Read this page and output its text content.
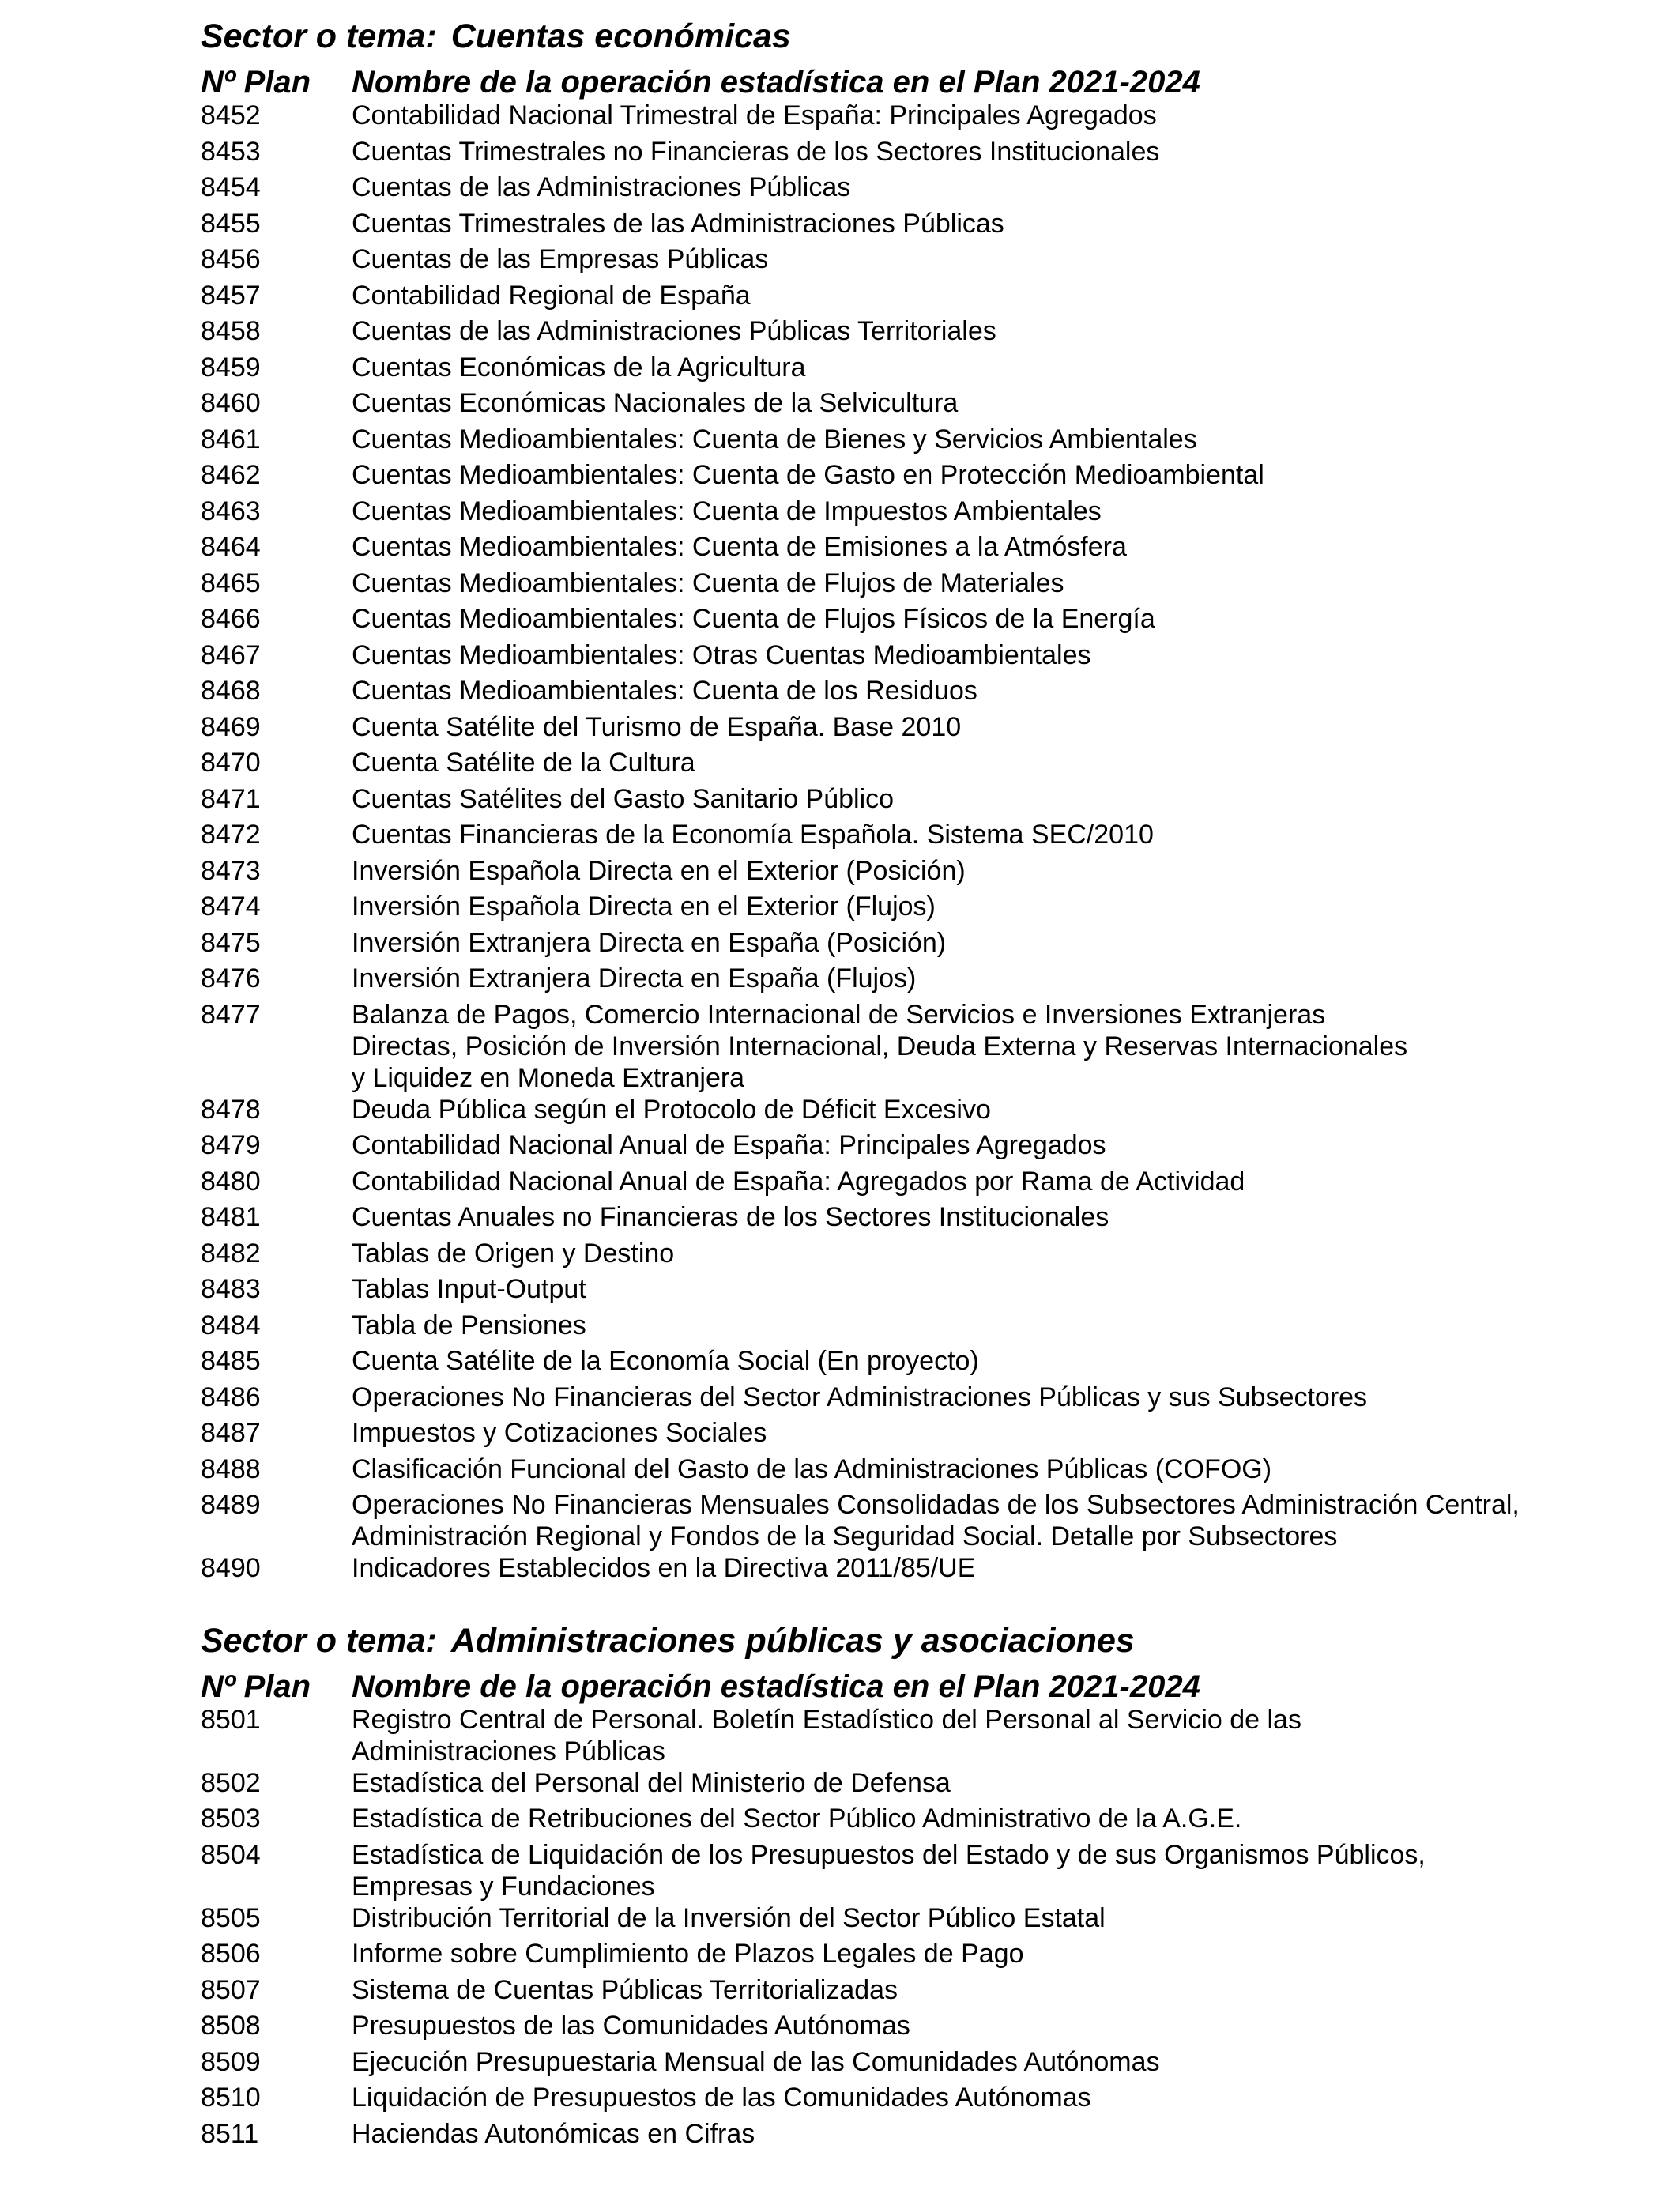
Sector o tema: Cuentas económicas
Nº Plan	Nombre de la operación estadística en el Plan 2021-2024
8452	Contabilidad Nacional Trimestral de España: Principales Agregados
8453	Cuentas Trimestrales no Financieras de los Sectores Institucionales
8454	Cuentas de las Administraciones Públicas
8455	Cuentas Trimestrales de las Administraciones Públicas
8456	Cuentas de las Empresas Públicas
8457	Contabilidad Regional de España
8458	Cuentas de las Administraciones Públicas Territoriales
8459	Cuentas Económicas de la Agricultura
8460	Cuentas Económicas Nacionales de la Selvicultura
8461	Cuentas Medioambientales: Cuenta de Bienes y Servicios Ambientales
8462	Cuentas Medioambientales: Cuenta de Gasto en Protección Medioambiental
8463	Cuentas Medioambientales: Cuenta de Impuestos Ambientales
8464	Cuentas Medioambientales: Cuenta de Emisiones a la Atmósfera
8465	Cuentas Medioambientales: Cuenta de Flujos de Materiales
8466	Cuentas Medioambientales: Cuenta de Flujos Físicos de la Energía
8467	Cuentas Medioambientales: Otras Cuentas Medioambientales
8468	Cuentas Medioambientales: Cuenta de los Residuos
8469	Cuenta Satélite del Turismo de España. Base 2010
8470	Cuenta Satélite de la Cultura
8471	Cuentas Satélites del Gasto Sanitario Público
8472	Cuentas Financieras de la Economía Española. Sistema SEC/2010
8473	Inversión Española Directa en el Exterior (Posición)
8474	Inversión Española Directa en el Exterior (Flujos)
8475	Inversión Extranjera Directa en España (Posición)
8476	Inversión Extranjera Directa en España (Flujos)
8477	Balanza de Pagos, Comercio Internacional de Servicios e Inversiones Extranjeras
Directas, Posición de Inversión Internacional, Deuda Externa y Reservas Internacionales
y Liquidez en Moneda Extranjera
8478	Deuda Pública según el Protocolo de Déficit Excesivo
8479	Contabilidad Nacional Anual de España: Principales Agregados
8480	Contabilidad Nacional Anual de España: Agregados por Rama de Actividad
8481	Cuentas Anuales no Financieras de los Sectores Institucionales
8482	Tablas de Origen y Destino
8483	Tablas Input-Output
8484	Tabla de Pensiones
8485	Cuenta Satélite de la Economía Social (En proyecto)
8486	Operaciones No Financieras del Sector Administraciones Públicas y sus Subsectores
8487	Impuestos y Cotizaciones Sociales
8488	Clasificación Funcional del Gasto de las Administraciones Públicas (COFOG)
8489	Operaciones No Financieras Mensuales Consolidadas de los Subsectores Administración Central,
Administración Regional y Fondos de la Seguridad Social. Detalle por Subsectores
8490	Indicadores Establecidos en la Directiva 2011/85/UE
Sector o tema: Administraciones públicas y asociaciones
Nº Plan	Nombre de la operación estadística en el Plan 2021-2024
8501	Registro Central de Personal. Boletín Estadístico del Personal al Servicio de las
Administraciones Públicas
8502	Estadística del Personal del Ministerio de Defensa
8503	Estadística de Retribuciones del Sector Público Administrativo de la A.G.E.
8504	Estadística de Liquidación de los Presupuestos del Estado y de sus Organismos Públicos,
Empresas y Fundaciones
8505	Distribución Territorial de la Inversión del Sector Público Estatal
8506	Informe sobre Cumplimiento de Plazos Legales de Pago
8507	Sistema de Cuentas Públicas Territorializadas
8508	Presupuestos de las Comunidades Autónomas
8509	Ejecución Presupuestaria Mensual de las Comunidades Autónomas
8510	Liquidación de Presupuestos de las Comunidades Autónomas
8511	Haciendas Autonómicas en Cifras
